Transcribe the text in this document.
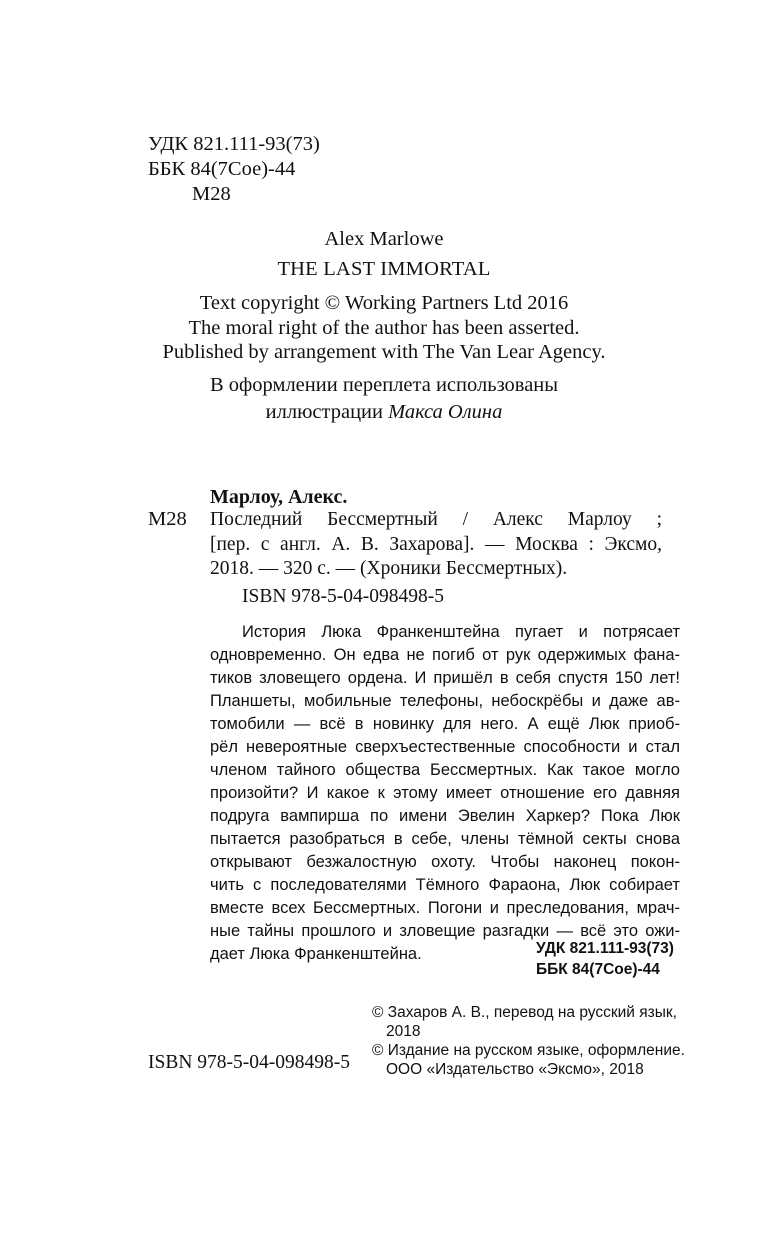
УДК 821.111-93(73)
ББК 84(7Сое)-44
М28
Alex Marlowe
THE LAST IMMORTAL
Text copyright © Working Partners Ltd 2016
The moral right of the author has been asserted.
Published by arrangement with The Van Lear Agency.
В оформлении переплета использованы
иллюстрации Макса Олина
Марлоу, Алекс.
М28 Последний Бессмертный / Алекс Марлоу ;
[пер. с англ. А. В. Захарова]. — Москва : Эксмо,
2018. — 320 с. — (Хроники Бессмертных).
ISBN 978-5-04-098498-5
История Люка Франкенштейна пугает и потрясает
одновременно. Он едва не погиб от рук одержимых фана-
тиков зловещего ордена. И пришёл в себя спустя 150 лет!
Планшеты, мобильные телефоны, небоскрёбы и даже ав-
томобили — всё в новинку для него. А ещё Люк приоб-
рёл невероятные сверхъестественные способности и стал
членом тайного общества Бессмертных. Как такое могло
произойти? И какое к этому имеет отношение его давняя
подруга вампирша по имени Эвелин Харкер? Пока Люк
пытается разобраться в себе, члены тёмной секты снова
открывают безжалостную охоту. Чтобы наконец покон-
чить с последователями Тёмного Фараона, Люк собирает
вместе всех Бессмертных. Погони и преследования, мрач-
ные тайны прошлого и зловещие разгадки — всё это ожи-
дает Люка Франкенштейна.	УДК 821.111-93(73)
ББК 84(7Сое)-44
© Захаров А. В., перевод на русский язык,
2018
© Издание на русском языке, оформление.
ООО «Издательство «Эксмо», 2018
ISBN 978-5-04-098498-5
